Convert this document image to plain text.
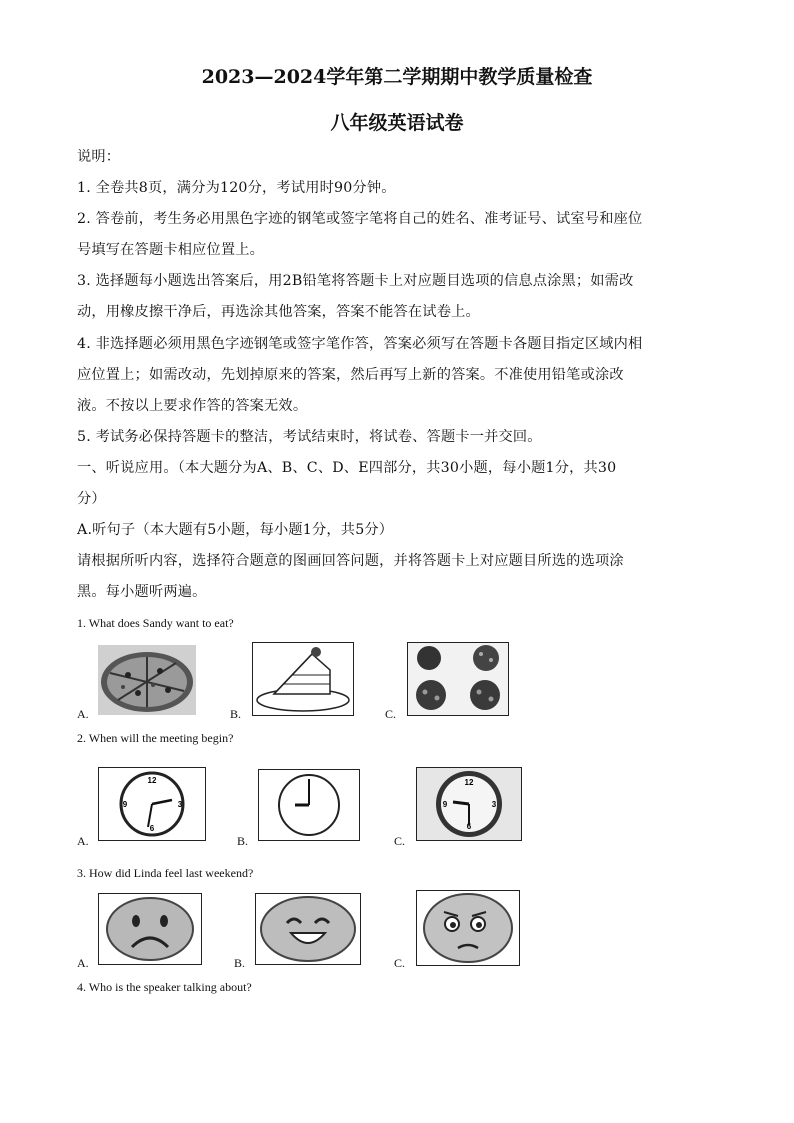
2023—2024学年第二学期期中教学质量检查
八年级英语试卷
说明：
1. 全卷共8页，满分为120分，考试用时90分钟。
2. 答卷前，考生务必用黑色字迹的钢笔或签字笔将自己的姓名、准考证号、试室号和座位
号填写在答题卡相应位置上。
3. 选择题每小题选出答案后，用2B铅笔将答题卡上对应题目选项的信息点涂黑；如需改
动，用橡皮擦干净后，再选涂其他答案，答案不能答在试卷上。
4. 非选择题必须用黑色字迹钢笔或签字笔作答，答案必须写在答题卡各题目指定区域内相
应位置上；如需改动，先划掉原来的答案，然后再写上新的答案。不准使用铅笔或涂改
液。不按以上要求作答的答案无效。
5. 考试务必保持答题卡的整洁，考试结束时，将试卷、答题卡一并交回。
一、听说应用。（本大题分为A、B、C、D、E四部分，共30小题，每小题1分，共30
分）
A.听句子（本大题有5小题，每小题1分，共5分）
请根据所听内容，选择符合题意的图画回答问题，并将答题卡上对应题目所选的选项涂
黑。每小题听两遍。
1. What does Sandy want to eat?
A.	B.	C.
2. When will the meeting begin?
12
3
6
9
A.	B.
12
3
6
9
C.
3. How did Linda feel last weekend?
A.	B.	C.
4. Who is the speaker talking about?
